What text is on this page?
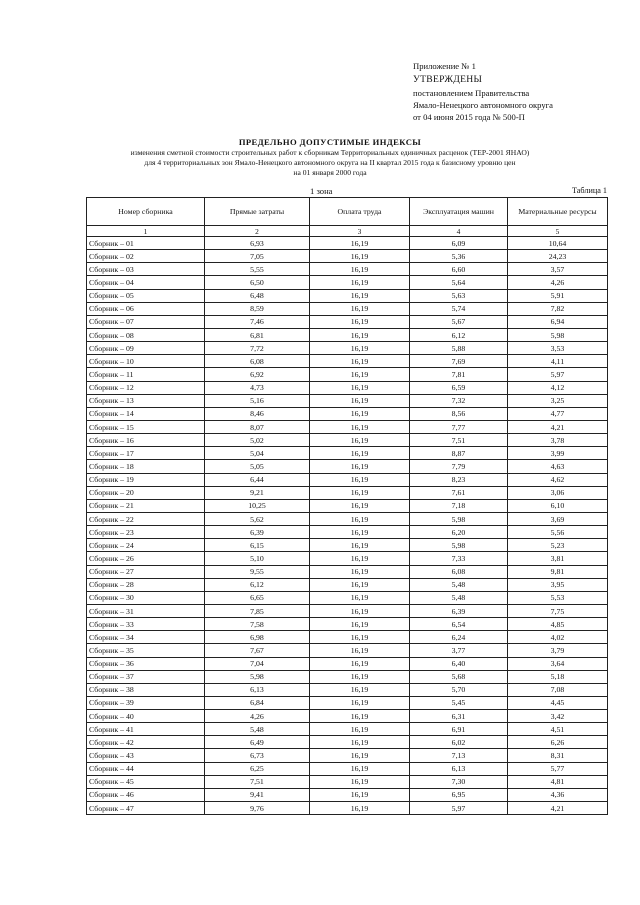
Приложение № 1
УТВЕРЖДЕНЫ
постановлением Правительства
Ямало-Ненецкого автономного округа
от 04 июня 2015 года № 500-П
ПРЕДЕЛЬНО ДОПУСТИМЫЕ ИНДЕКСЫ
изменения сметной стоимости строительных работ к сборникам Территориальных единичных расценок (ТЕР-2001 ЯНАО)
для 4 территориальных зон Ямало-Ненецкого автономного округа на II квартал 2015 года к базисному уровню цен
на 01 января 2000 года
1 зона	Таблица 1
Номер сборника	Прямые затраты	Оплата труда	Эксплуатация машин	Материальные ресурсы
1	2	3	4	5
Сборник – 01	6,93	16,19	6,09	10,64
Сборник – 02	7,05	16,19	5,36	24,23
Сборник – 03	5,55	16,19	6,60	3,57
Сборник – 04	6,50	16,19	5,64	4,26
Сборник – 05	6,48	16,19	5,63	5,91
Сборник – 06	8,59	16,19	5,74	7,82
Сборник – 07	7,46	16,19	5,67	6,94
Сборник – 08	6,81	16,19	6,12	5,98
Сборник – 09	7,72	16,19	5,88	3,53
Сборник – 10	6,08	16,19	7,69	4,11
Сборник – 11	6,92	16,19	7,81	5,97
Сборник – 12	4,73	16,19	6,59	4,12
Сборник – 13	5,16	16,19	7,32	3,25
Сборник – 14	8,46	16,19	8,56	4,77
Сборник – 15	8,07	16,19	7,77	4,21
Сборник – 16	5,02	16,19	7,51	3,78
Сборник – 17	5,04	16,19	8,87	3,99
Сборник – 18	5,05	16,19	7,79	4,63
Сборник – 19	6,44	16,19	8,23	4,62
Сборник – 20	9,21	16,19	7,61	3,06
Сборник – 21	10,25	16,19	7,18	6,10
Сборник – 22	5,62	16,19	5,98	3,69
Сборник – 23	6,39	16,19	6,20	5,56
Сборник – 24	6,15	16,19	5,98	5,23
Сборник – 26	5,10	16,19	7,33	3,81
Сборник – 27	9,55	16,19	6,08	9,81
Сборник – 28	6,12	16,19	5,48	3,95
Сборник – 30	6,65	16,19	5,48	5,53
Сборник – 31	7,85	16,19	6,39	7,75
Сборник – 33	7,58	16,19	6,54	4,85
Сборник – 34	6,98	16,19	6,24	4,02
Сборник – 35	7,67	16,19	3,77	3,79
Сборник – 36	7,04	16,19	6,40	3,64
Сборник – 37	5,98	16,19	5,68	5,18
Сборник – 38	6,13	16,19	5,70	7,08
Сборник – 39	6,84	16,19	5,45	4,45
Сборник – 40	4,26	16,19	6,31	3,42
Сборник – 41	5,48	16,19	6,91	4,51
Сборник – 42	6,49	16,19	6,02	6,26
Сборник – 43	6,73	16,19	7,13	8,31
Сборник – 44	6,25	16,19	6,13	5,77
Сборник – 45	7,51	16,19	7,30	4,81
Сборник – 46	9,41	16,19	6,95	4,36
Сборник – 47	9,76	16,19	5,97	4,21
